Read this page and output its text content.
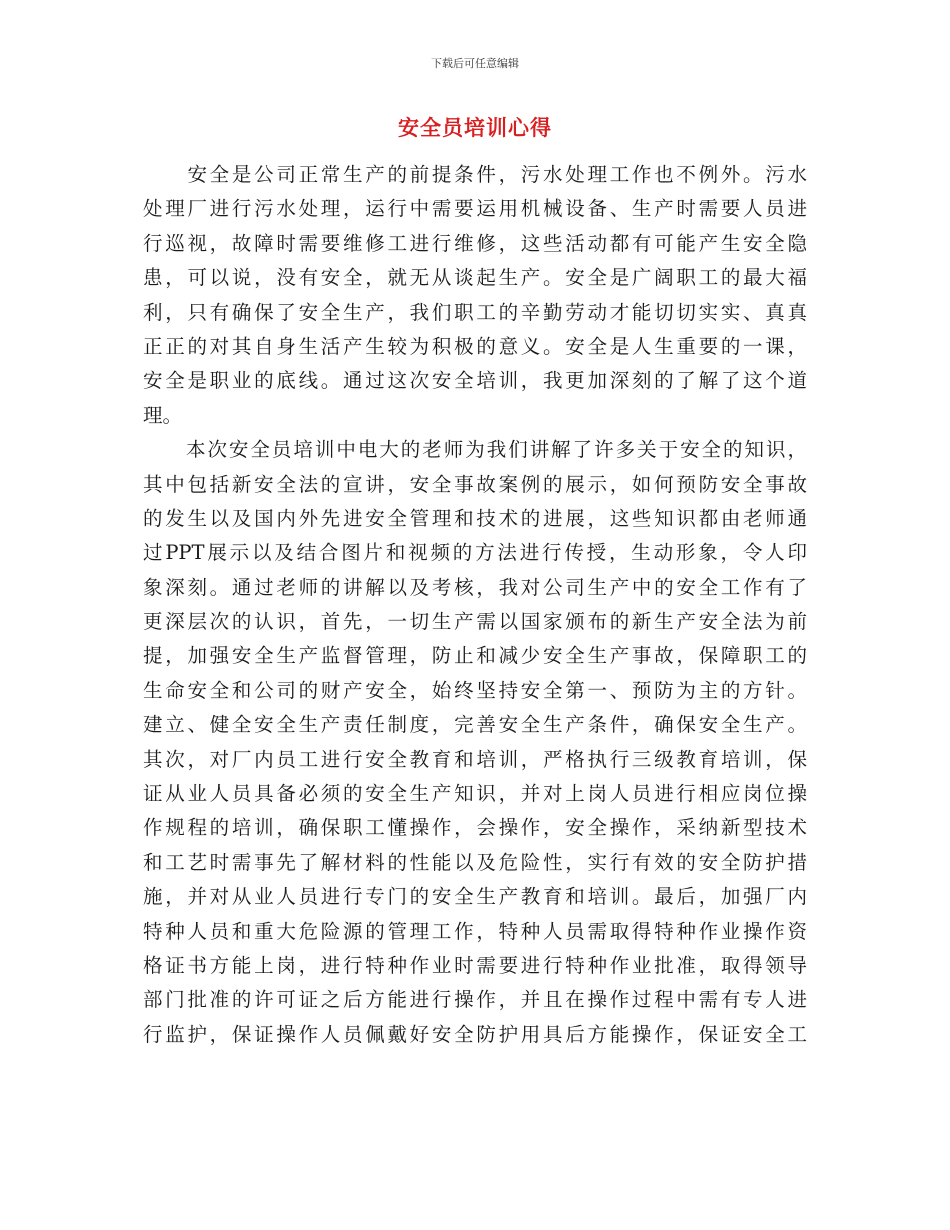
下载后可任意编辑
安全员培训心得
　　安全是公司正常生产的前提条件，污水处理工作也不例外。污水
处理厂进行污水处理，运行中需要运用机械设备、生产时需要人员进
行巡视，故障时需要维修工进行维修，这些活动都有可能产生安全隐
患，可以说，没有安全，就无从谈起生产。安全是广阔职工的最大福
利，只有确保了安全生产，我们职工的辛勤劳动才能切切实实、真真
正正的对其自身生活产生较为积极的意义。安全是人生重要的一课，
安全是职业的底线。通过这次安全培训，我更加深刻的了解了这个道
理。
　　本次安全员培训中电大的老师为我们讲解了许多关于安全的知识，
其中包括新安全法的宣讲，安全事故案例的展示，如何预防安全事故
的发生以及国内外先进安全管理和技术的进展，这些知识都由老师通
过PPT展示以及结合图片和视频的方法进行传授，生动形象，令人印
象深刻。通过老师的讲解以及考核，我对公司生产中的安全工作有了
更深层次的认识，首先，一切生产需以国家颁布的新生产安全法为前
提，加强安全生产监督管理，防止和减少安全生产事故，保障职工的
生命安全和公司的财产安全，始终坚持安全第一、预防为主的方针。
建立、健全安全生产责任制度，完善安全生产条件，确保安全生产。
其次，对厂内员工进行安全教育和培训，严格执行三级教育培训，保
证从业人员具备必须的安全生产知识，并对上岗人员进行相应岗位操
作规程的培训，确保职工懂操作，会操作，安全操作，采纳新型技术
和工艺时需事先了解材料的性能以及危险性，实行有效的安全防护措
施，并对从业人员进行专门的安全生产教育和培训。最后，加强厂内
特种人员和重大危险源的管理工作，特种人员需取得特种作业操作资
格证书方能上岗，进行特种作业时需要进行特种作业批准，取得领导
部门批准的许可证之后方能进行操作，并且在操作过程中需有专人进
行监护，保证操作人员佩戴好安全防护用具后方能操作，保证安全工
